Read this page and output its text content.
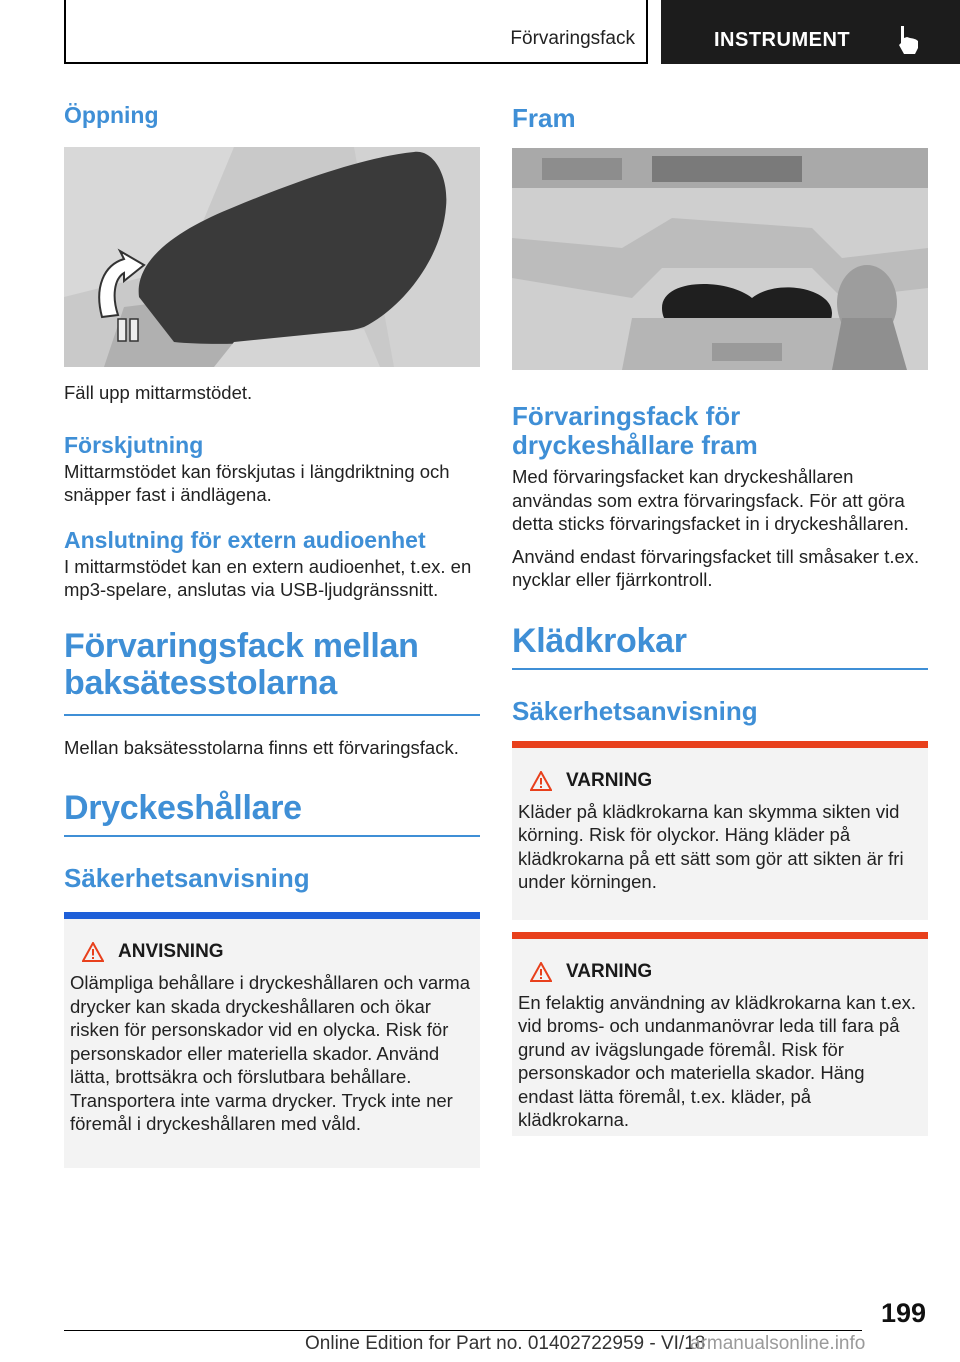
Förvaringsfack	INSTRUMENT
Öppning

Fäll upp mittarmstödet.

Förskjutning

Mittarmstödet kan förskjutas i längdriktning och snäpper fast i ändlägena.

Anslutning för extern audioenhet

I mittarmstödet kan en extern audioenhet, t.ex. en mp3-spelare, anslutas via USB-ljudgränssnitt.

Förvaringsfack mellan baksätesstolarna

Mellan baksätesstolarna finns ett förvaringsfack.

Dryckeshållare
Säkerhetsanvisning
ANVISNING
Olämpliga behållare i dryckeshållaren och varma drycker kan skada dryckeshållaren och ökar risken för personskador vid en olycka. Risk för personskador eller materiella skador. Använd lätta, brottsäkra och förslutbara behållare. Transportera inte varma drycker. Tryck inte ner föremål i dryckeshållaren med våld.
Fram
Förvaringsfack för dryckeshållare fram

Med förvaringsfacket kan dryckeshållaren användas som extra förvaringsfack. För att göra detta sticks förvaringsfacket in i dryckeshållaren.

Använd endast förvaringsfacket till småsaker t.ex. nycklar eller fjärrkontroll.

Klädkrokar
Säkerhetsanvisning
VARNING
Kläder på klädkrokarna kan skymma sikten vid körning. Risk för olyckor. Häng kläder på klädkrokarna på ett sätt som gör att sikten är fri under körningen.
VARNING
En felaktig användning av klädkrokarna kan t.ex. vid broms- och undanmanövrar leda till fara på grund av ivägslungade föremål. Risk för personskador och materiella skador. Häng endast lätta föremål, t.ex. kläder, på klädkrokarna.
199
Online Edition for Part no. 01402722959 - VI/18
armanualsonline.info
